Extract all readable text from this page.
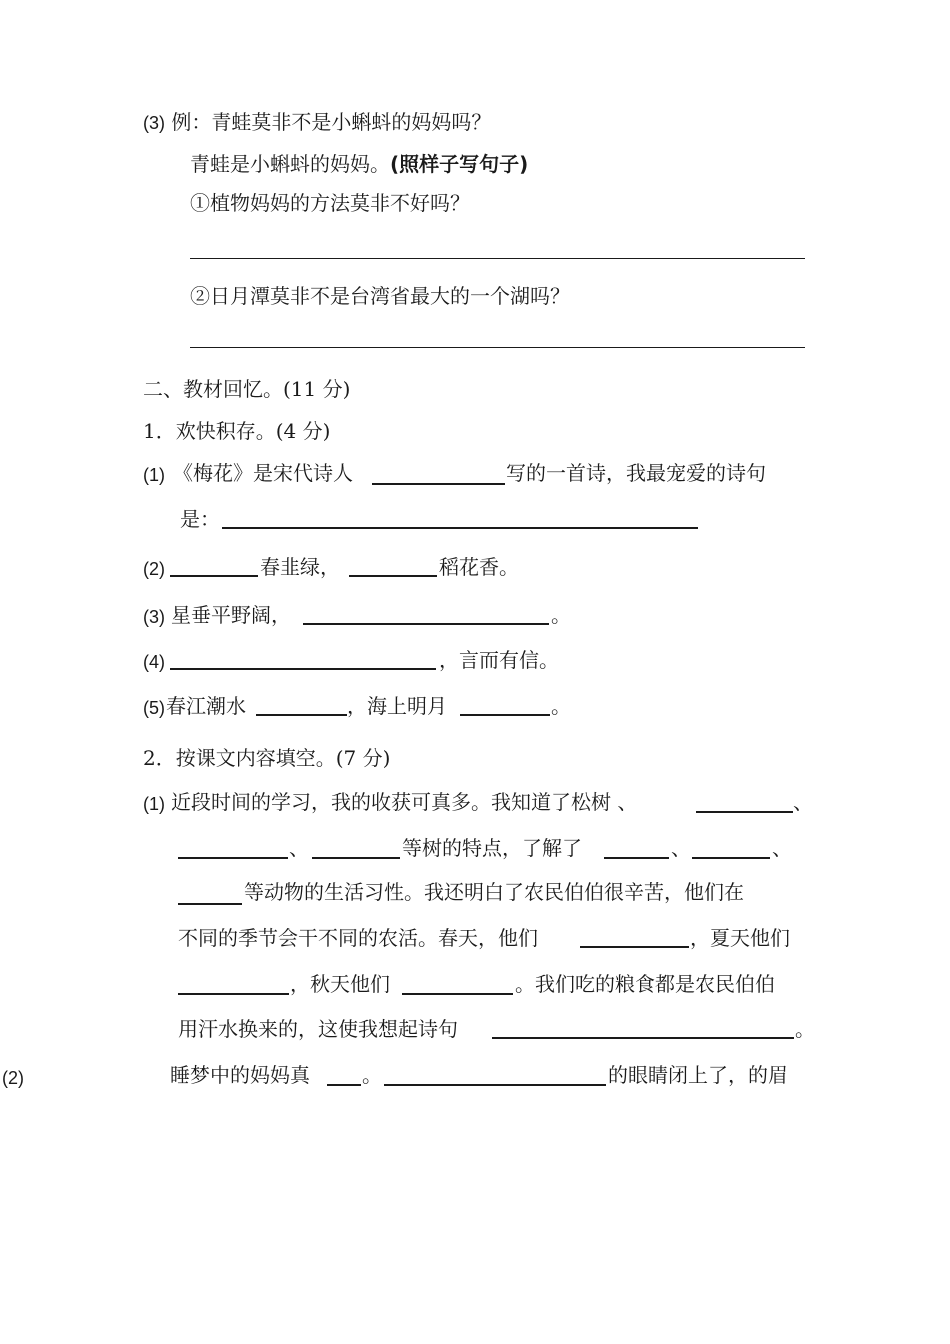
(3) 例：青蛙莫非不是小蝌蚪的妈妈吗？
青蛙是小蝌蚪的妈妈。(照样子写句子)
①植物妈妈的方法莫非不好吗？
②日月潭莫非不是台湾省最大的一个湖吗？
二、教材回忆。(11 分)
1．欢快积存。(4 分)
(1) 《梅花》是宋代诗人	写的一首诗，我最宠爱的诗句
是：
(2)	春韭绿，	稻花香。
(3) 星垂平野阔，	。
(4)	，言而有信。
(5) 春江潮水	，海上明月	。
2．按课文内容填空。(7 分)
(1) 近段时间的学习，我的收获可真多。我知道了松树 、	、
、	等树的特点，了解了	、	、
等动物的生活习性。我还明白了农民伯伯很辛苦，他们在
不同的季节会干不同的农活。春天，他们	，夏天他们
，秋天他们	。我们吃的粮食都是农民伯伯
用汗水换来的，这使我想起诗句	。
(2)	睡梦中的妈妈真	。	的眼睛闭上了，的眉
